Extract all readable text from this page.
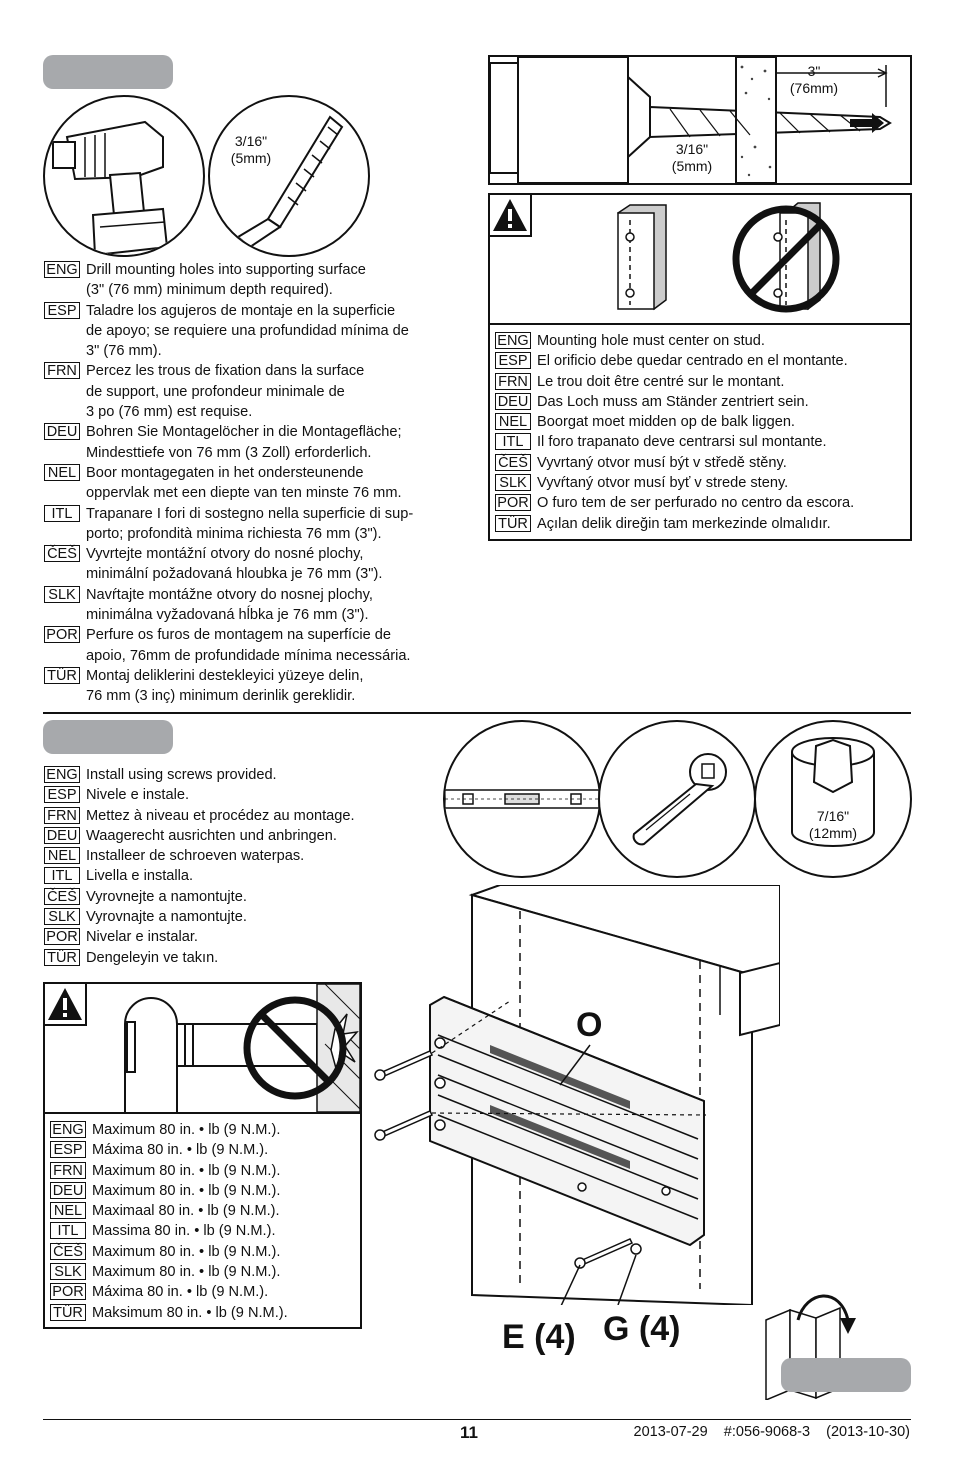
3/16"
(5mm)
ENG Drill mounting holes into supporting surface
(3" (76 mm) minimum depth required).
ESP Taladre los agujeros de montaje en la superficie
de apoyo; se requiere una profundidad mínima de
3" (76 mm).
FRN Percez les trous de fixation dans la surface
de support, une profondeur minimale de
3 po (76 mm) est requise.
DEU Bohren Sie Montagelöcher in die Montagefläche;
Mindesttiefe von 76 mm (3 Zoll) erforderlich.
NEL Boor montagegaten in het ondersteunende
oppervlak met een diepte van ten minste 76 mm.
ITL Trapanare I fori di sostegno nella superficie di sup-
porto; profondità minima richiesta 76 mm (3").
ČEŠ Vyvrtejte montážní otvory do nosné plochy,
minimální požadovaná hloubka je 76 mm (3").
SLK Navŕtajte montážne otvory do nosnej plochy,
minimálna vyžadovaná hĺbka je 76 mm (3").
POR Perfure os furos de montagem na superfície de
apoio, 76mm de profundidade mínima necessária.
TÜR Montaj deliklerini destekleyici yüzeye delin,
76 mm (3 inç) minimum derinlik gereklidir.
3"
(76mm)
3/16"
(5mm)
ENG Mounting hole must center on stud.
ESP El orificio debe quedar centrado en el montante.
FRN Le trou doit être centré sur le montant.
DEU Das Loch muss am Ständer zentriert sein.
NEL Boorgat moet midden op de balk liggen.
ITL Il foro trapanato deve centrarsi sul montante.
ČEŠ Vyvrtaný otvor musí být v středě stěny.
SLK Vyvŕtaný otvor musí byť v strede steny.
POR O furo tem de ser perfurado no centro da escora.
TÜR Açılan delik direğin tam merkezinde olmalıdır.
ENG Install using screws provided.
ESP Nivele e instale.
FRN Mettez à niveau et procédez au montage.
DEU Waagerecht ausrichten und anbringen.
NEL Installeer de schroeven waterpas.
ITL Livella e installa.
ČEŠ Vyrovnejte a namontujte.
SLK Vyrovnajte a namontujte.
POR Nivelar e instalar.
TÜR Dengeleyin ve takın.
7/16"
(12mm)
ENG Maximum 80 in. • lb (9 N.M.).
ESP Máxima 80 in. • lb (9 N.M.).
FRN Maximum 80 in. • lb (9 N.M.).
DEU Maximum 80 in. • lb (9 N.M.).
NEL Maximaal 80 in. • lb (9 N.M.).
ITL Massima 80 in. • lb (9 N.M.).
ČEŠ Maximum 80 in. • lb (9 N.M.).
SLK Maximum 80 in. • lb (9 N.M.).
POR Máxima 80 in. • lb (9 N.M.).
TÜR Maksimum 80 in. • lb (9 N.M.).
O
E (4) G (4)
11	2013-07-29    #:056-9068-3    (2013-10-30)
